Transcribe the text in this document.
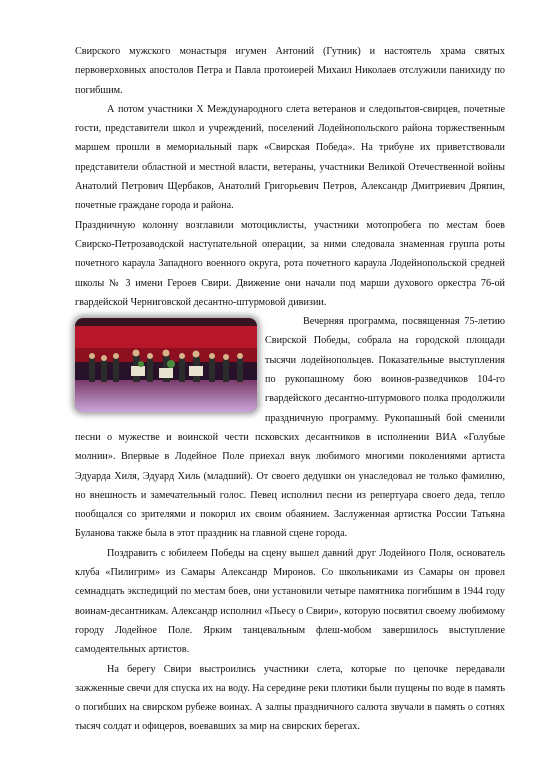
Свирского мужского монастыря игумен Антоний (Гутник) и настоятель храма святых первоверховных апостолов Петра и Павла протоиерей Михаил Николаев отслужили панихиду по погибшим.

А потом участники X Международного слета ветеранов и следопытов-свирцев, почетные гости, представители школ и учреждений, поселений Лодейнопольского района торжественным маршем прошли в мемориальный парк «Свирская Победа». На трибуне их приветствовали представители областной и местной власти, ветераны, участники Великой Отечественной войны Анатолий Петрович Щербаков, Анатолий Григорьевич Петров, Александр Дмитриевич Дряпин, почетные граждане города и района.

Праздничную колонну возглавили мотоциклисты, участники мотопробега по местам боев Свирско-Петрозаводской наступательной операции, за ними следовала знаменная группа роты почетного караула Западного военного округа, рота почетного караула Лодейнопольской средней школы № 3 имени Героев Свири. Движение они начали под марши духового оркестра 76-ой гвардейской Черниговской десантно-штурмовой дивизии.

Вечерняя программа, посвященная 75-летию Свирской Победы, собрала на городской площади тысячи лодейнопольцев. Показательные выступления по рукопашному бою воинов-разведчиков 104-го гвардейского десантно-штурмового полка продолжили праздничную программу. Рукопашный бой сменили песни о мужестве и воинской чести псковских десантников в исполнении ВИА «Голубые молнии». Впервые в Лодейное Поле приехал внук любимого многими поколениями артиста Эдуарда Хиля, Эдуард Хиль (младший). От своего дедушки он унаследовал не только фамилию, но внешность и замечательный голос. Певец исполнил песни из репертуара своего деда, тепло пообщался со зрителями и покорил их своим обаянием. Заслуженная артистка России Татьяна Буланова также была в этот праздник на главной сцене города.

Поздравить с юбилеем Победы на сцену вышел давний друг Лодейного Поля, основатель клуба «Пилигрим» из Самары Александр Миронов. Со школьниками из Самары он провел семнадцать экспедиций по местам боев, они установили четыре памятника погибшим в 1944 году воинам-десантникам. Александр исполнил «Пьесу о Свири», которую посвятил своему любимому городу Лодейное Поле. Ярким танцевальным флеш-мобом завершилось выступление самодеятельных артистов.

На берегу Свири выстроились участники слета, которые по цепочке передавали зажженные свечи для спуска их на воду. На середине реки плотики были пущены по воде в память о погибших на свирском рубеже воинах. А залпы праздничного салюта звучали в память о сотнях тысяч солдат и офицеров, воевавших за мир на свирских берегах.
